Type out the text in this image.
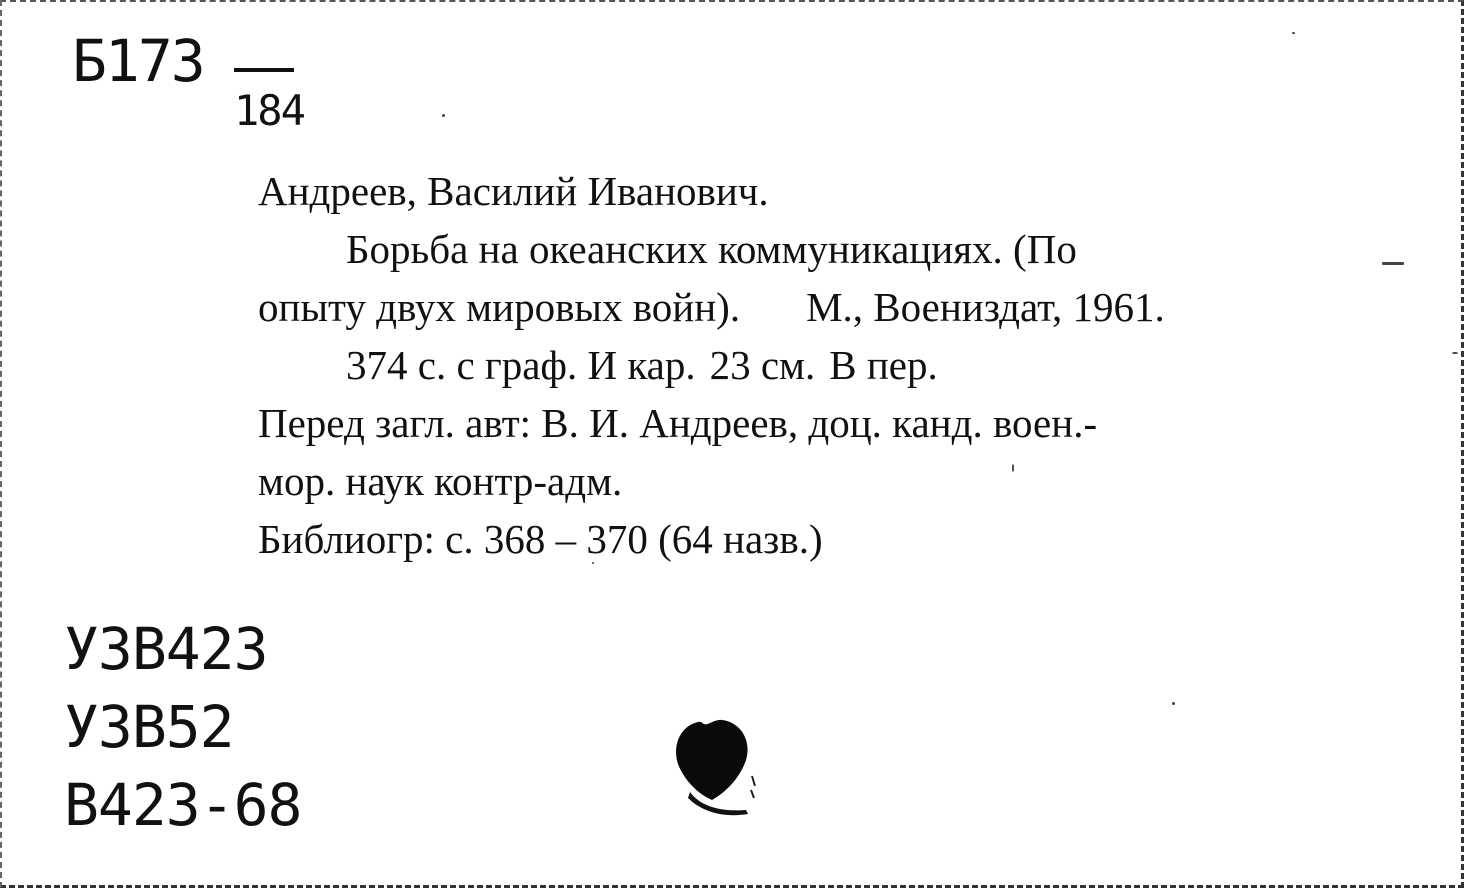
Б173
184
Андреев, Василий Иванович.
Борьба на океанских коммуникациях. (По
опыту двух мировых войн). М., Воениздат, 1961.
374 с. с граф. И кар. 23 см. В пер.
Перед загл. авт: В. И. Андреев, доц. канд. воен.-
мор. наук контр-адм.
Библиогр: с. 368 – 370 (64 назв.)
У3В423
У3В52
В423-68
